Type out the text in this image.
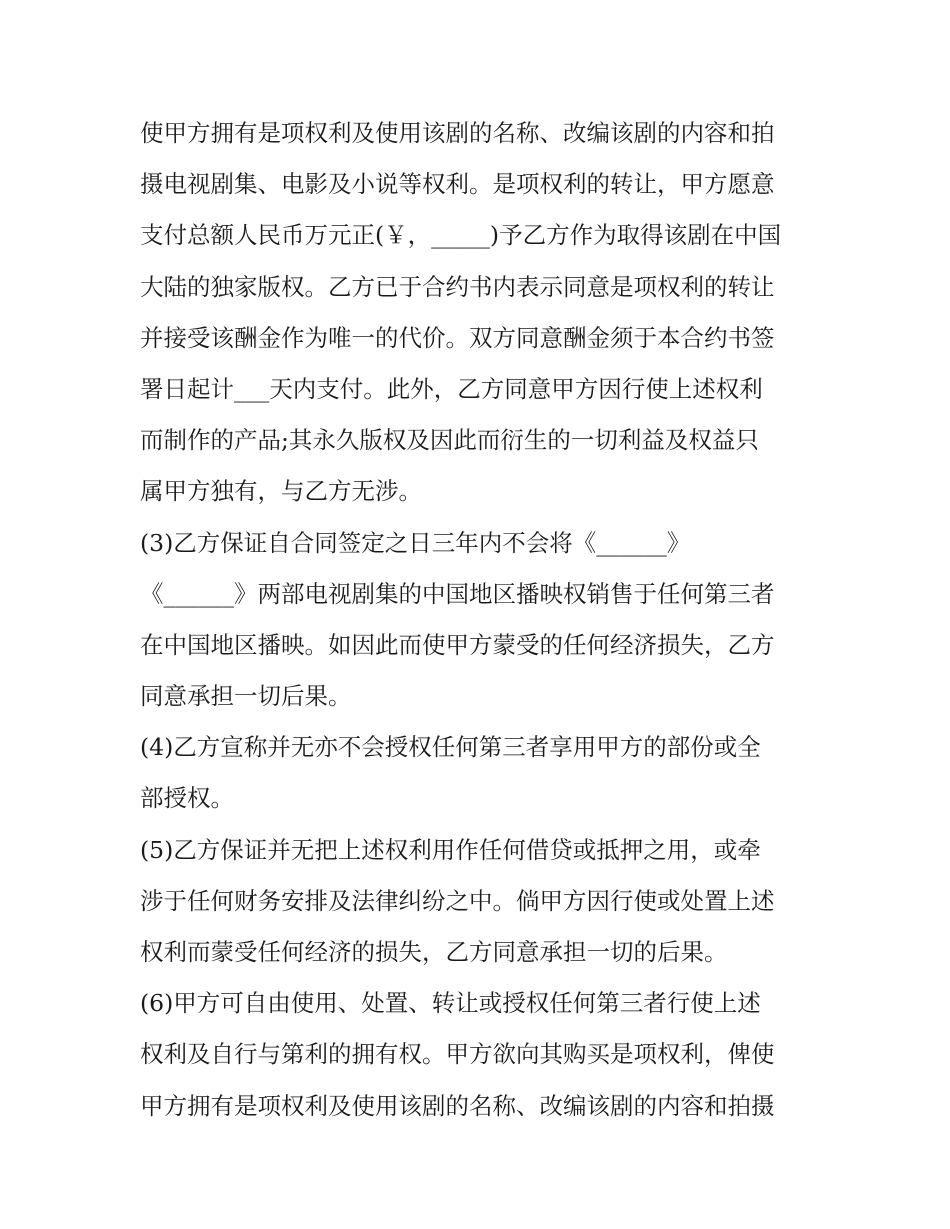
使甲方拥有是项权利及使用该剧的名称、改编该剧的内容和拍
摄电视剧集、电影及小说等权利。是项权利的转让，甲方愿意
支付总额人民币万元正(￥，_____)予乙方作为取得该剧在中国
大陆的独家版权。乙方已于合约书内表示同意是项权利的转让
并接受该酬金作为唯一的代价。双方同意酬金须于本合约书签
署日起计___天内支付。此外，乙方同意甲方因行使上述权利
而制作的产品;其永久版权及因此而衍生的一切利益及权益只
属甲方独有，与乙方无涉。
(3)乙方保证自合同签定之日三年内不会将《______》
《______》两部电视剧集的中国地区播映权销售于任何第三者
在中国地区播映。如因此而使甲方蒙受的任何经济损失，乙方
同意承担一切后果。
(4)乙方宣称并无亦不会授权任何第三者享用甲方的部份或全
部授权。
(5)乙方保证并无把上述权利用作任何借贷或抵押之用，或牵
涉于任何财务安排及法律纠纷之中。倘甲方因行使或处置上述
权利而蒙受任何经济的损失，乙方同意承担一切的后果。
(6)甲方可自由使用、处置、转让或授权任何第三者行使上述
权利及自行与第利的拥有权。甲方欲向其购买是项权利，俾使
甲方拥有是项权利及使用该剧的名称、改编该剧的内容和拍摄
